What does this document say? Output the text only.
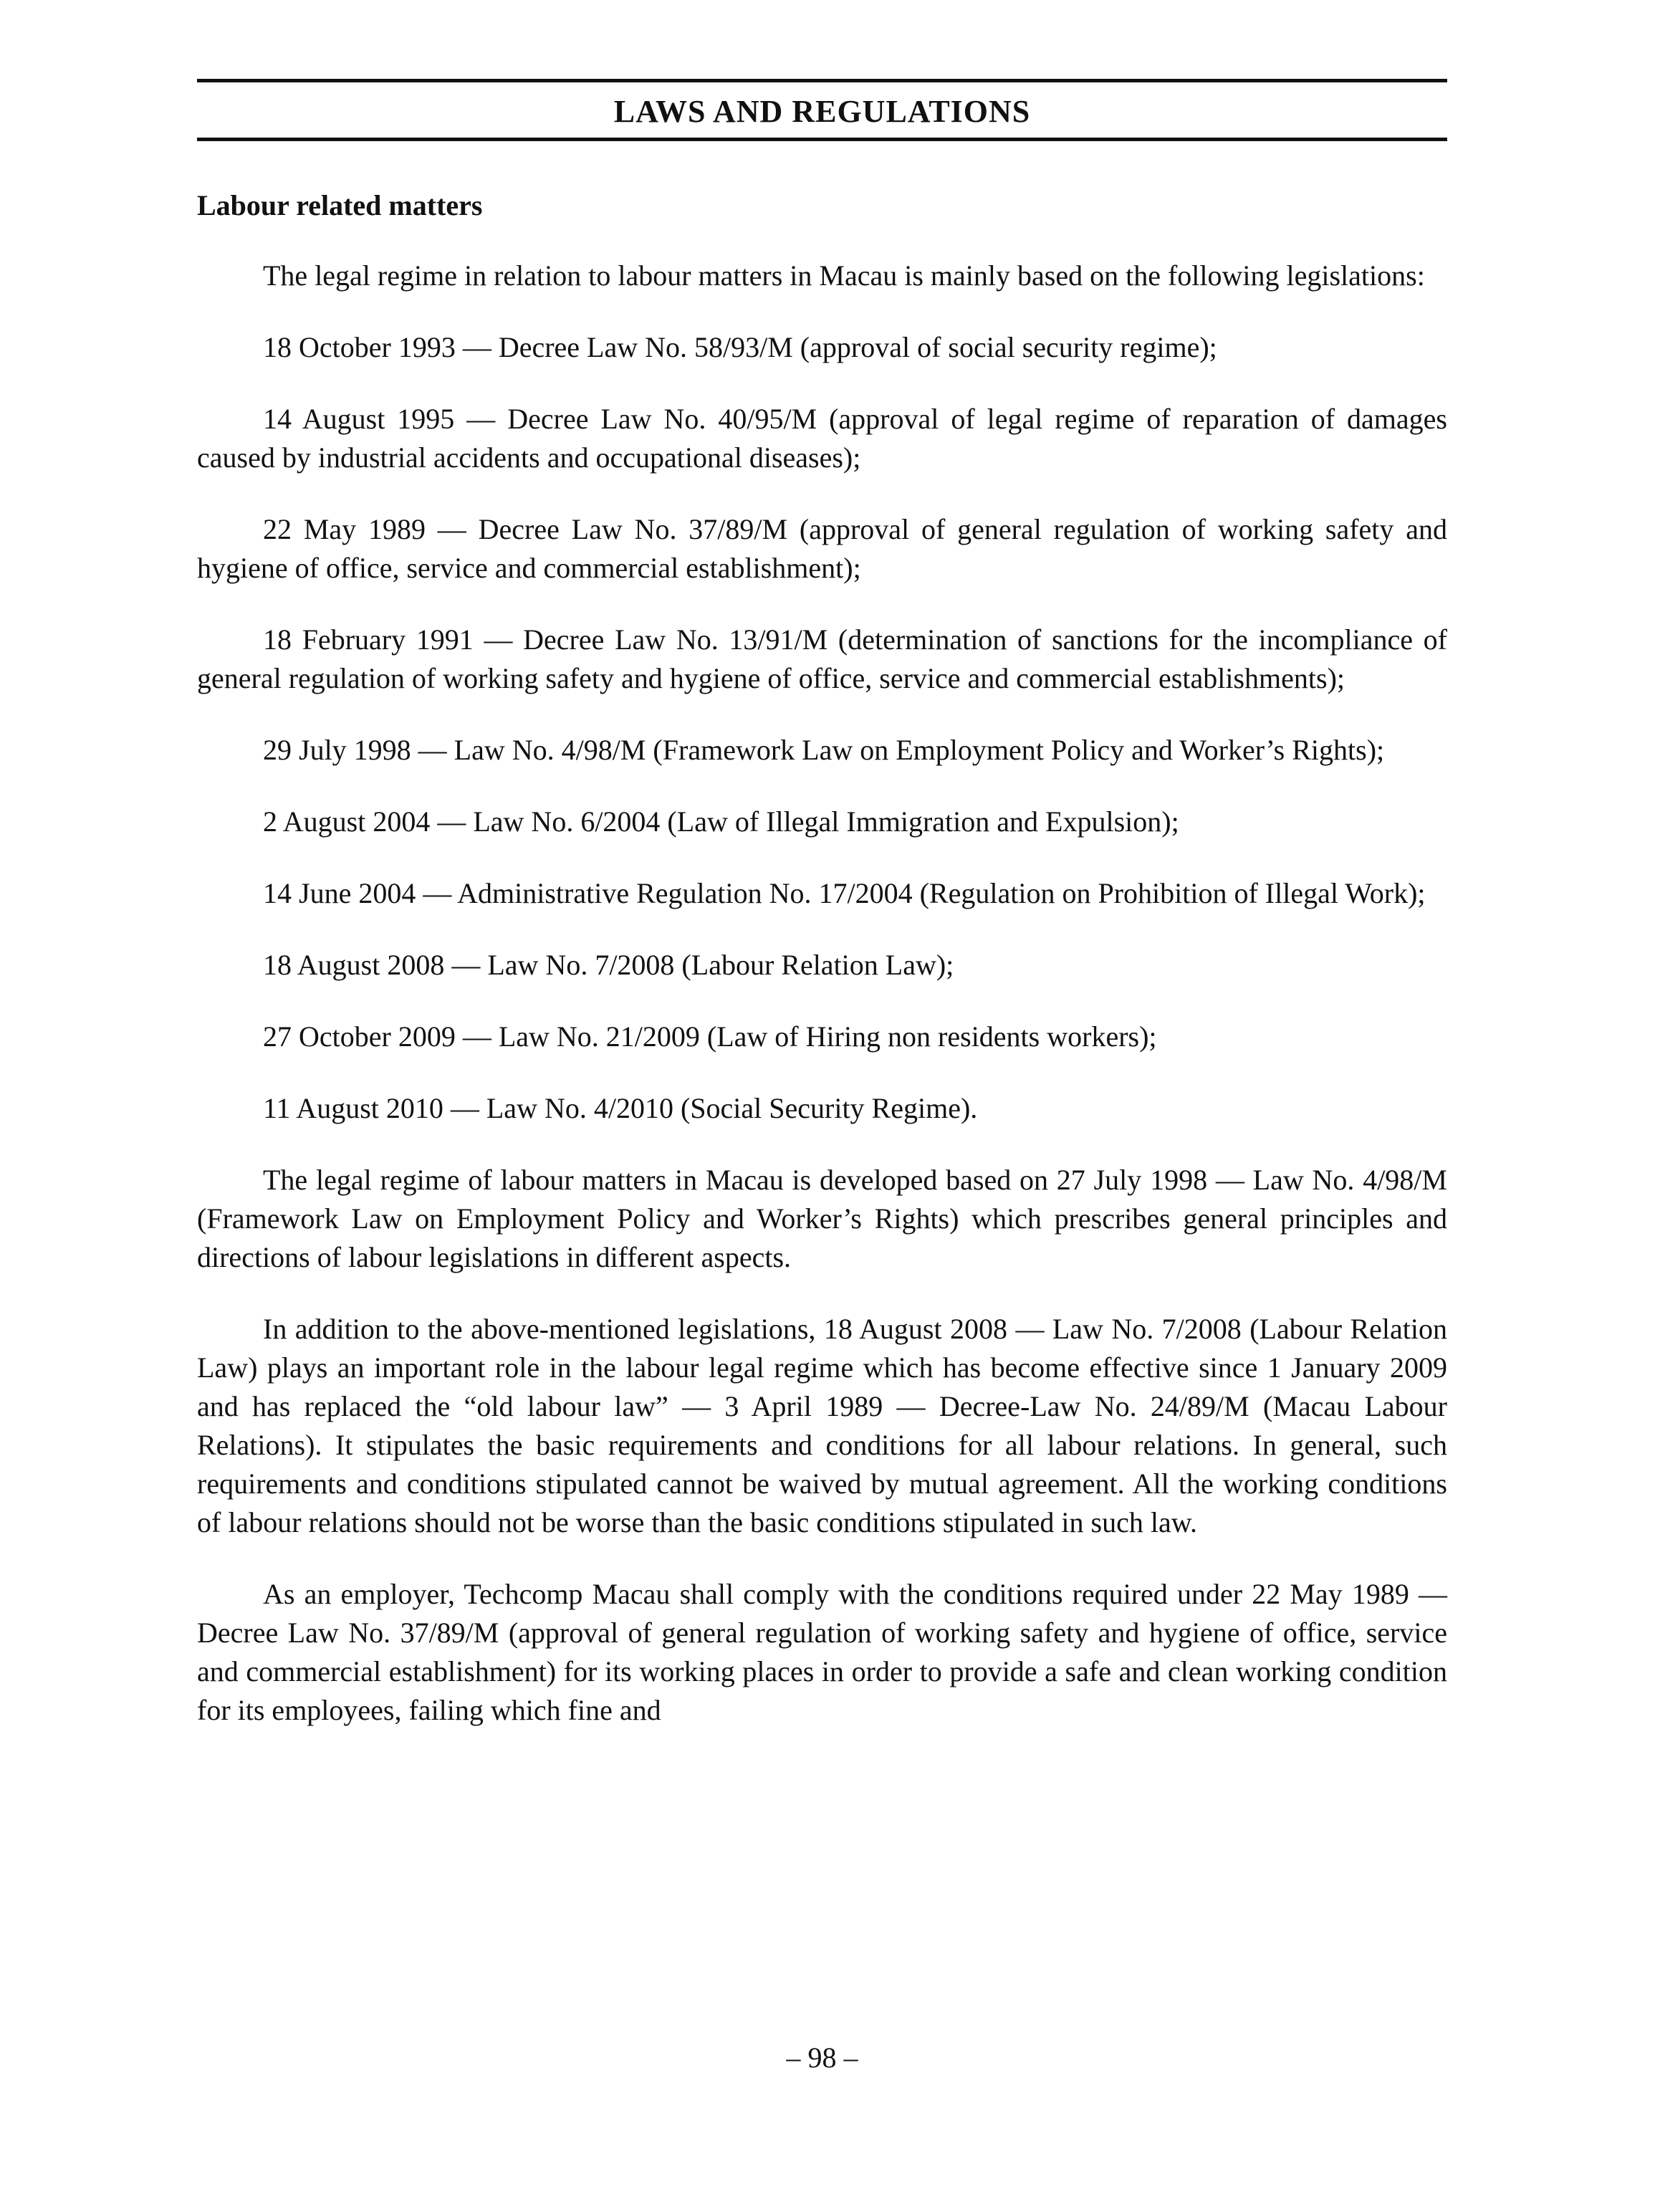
LAWS AND REGULATIONS
Labour related matters

The legal regime in relation to labour matters in Macau is mainly based on the following legislations:

18 October 1993 — Decree Law No. 58/93/M (approval of social security regime);

14 August 1995 — Decree Law No. 40/95/M (approval of legal regime of reparation of damages caused by industrial accidents and occupational diseases);

22 May 1989 — Decree Law No. 37/89/M (approval of general regulation of working safety and hygiene of office, service and commercial establishment);

18 February 1991 — Decree Law No. 13/91/M (determination of sanctions for the incompliance of general regulation of working safety and hygiene of office, service and commercial establishments);

29 July 1998 — Law No. 4/98/M (Framework Law on Employment Policy and Worker’s Rights);

2 August 2004 — Law No. 6/2004 (Law of Illegal Immigration and Expulsion);

14 June 2004 — Administrative Regulation No. 17/2004 (Regulation on Prohibition of Illegal Work);

18 August 2008 — Law No. 7/2008 (Labour Relation Law);

27 October 2009 — Law No. 21/2009 (Law of Hiring non residents workers);

11 August 2010 — Law No. 4/2010 (Social Security Regime).

The legal regime of labour matters in Macau is developed based on 27 July 1998 — Law No. 4/98/M (Framework Law on Employment Policy and Worker’s Rights) which prescribes general principles and directions of labour legislations in different aspects.

In addition to the above-mentioned legislations, 18 August 2008 — Law No. 7/2008 (Labour Relation Law) plays an important role in the labour legal regime which has become effective since 1 January 2009 and has replaced the “old labour law” — 3 April 1989 — Decree-Law No. 24/89/M (Macau Labour Relations). It stipulates the basic requirements and conditions for all labour relations. In general, such requirements and conditions stipulated cannot be waived by mutual agreement. All the working conditions of labour relations should not be worse than the basic conditions stipulated in such law.

As an employer, Techcomp Macau shall comply with the conditions required under 22 May 1989 — Decree Law No. 37/89/M (approval of general regulation of working safety and hygiene of office, service and commercial establishment) for its working places in order to provide a safe and clean working condition for its employees, failing which fine and

– 98 –
